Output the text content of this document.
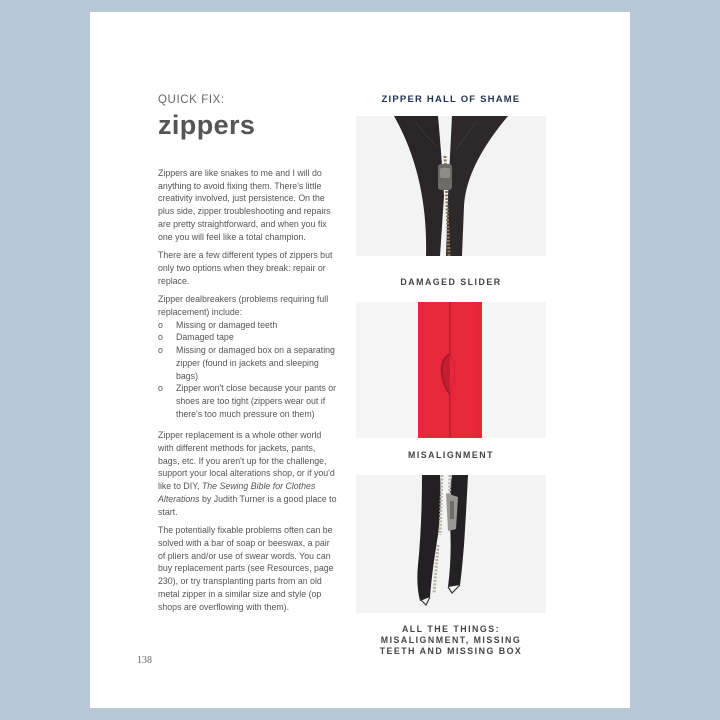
QUICK FIX:

zippers

Zippers are like snakes to me and I will do anything to avoid fixing them. There's little creativity involved, just persistence. On the plus side, zipper troubleshooting and repairs are pretty straightforward, and when you fix one you will feel like a total champion.

There are a few different types of zippers but only two options when they break: repair or replace.

Zipper dealbreakers (problems requiring full replacement) include:

o	Missing or damaged teeth
o	Damaged tape
o	Missing or damaged box on a separating zipper (found in jackets and sleeping bags)
o	Zipper won't close because your pants or shoes are too tight (zippers wear out if there's too much pressure on them)

Zipper replacement is a whole other world with different methods for jackets, pants, bags, etc. If you aren't up for the challenge, support your local alterations shop, or if you'd like to DIY, The Sewing Bible for Clothes Alterations by Judith Turner is a good place to start.

The potentially fixable problems often can be solved with a bar of soap or beeswax, a pair of pliers and/or use of swear words. You can buy replacement parts (see Resources, page 230), or try transplanting parts from an old metal zipper in a similar size and style (op shops are overflowing with them).

138

ZIPPER HALL OF SHAME

DAMAGED SLIDER
MISALIGNMENT
ALL THE THINGS:
MISALIGNMENT, MISSING
TEETH AND MISSING BOX
